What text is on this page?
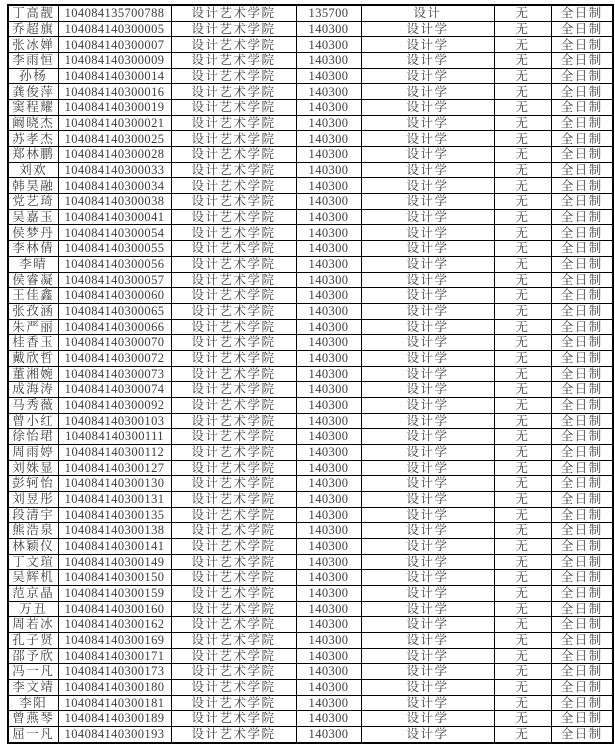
丁高靓	104084135700788	设计艺术学院	135700	设计	无	全日制
乔超旗	104084140300005	设计艺术学院	140300	设计学	无	全日制
张冰婵	104084140300007	设计艺术学院	140300	设计学	无	全日制
李雨恒	104084140300009	设计艺术学院	140300	设计学	无	全日制
孙杨	104084140300014	设计艺术学院	140300	设计学	无	全日制
龚俊萍	104084140300016	设计艺术学院	140300	设计学	无	全日制
窦程耀	104084140300019	设计艺术学院	140300	设计学	无	全日制
阚晓杰	104084140300021	设计艺术学院	140300	设计学	无	全日制
苏孝杰	104084140300025	设计艺术学院	140300	设计学	无	全日制
郑林鹏	104084140300028	设计艺术学院	140300	设计学	无	全日制
刘欢	104084140300033	设计艺术学院	140300	设计学	无	全日制
韩昊融	104084140300034	设计艺术学院	140300	设计学	无	全日制
党艺琦	104084140300038	设计艺术学院	140300	设计学	无	全日制
吴嘉玉	104084140300041	设计艺术学院	140300	设计学	无	全日制
侯梦丹	104084140300054	设计艺术学院	140300	设计学	无	全日制
李林倩	104084140300055	设计艺术学院	140300	设计学	无	全日制
李晴	104084140300056	设计艺术学院	140300	设计学	无	全日制
侯睿凝	104084140300057	设计艺术学院	140300	设计学	无	全日制
王佳鑫	104084140300060	设计艺术学院	140300	设计学	无	全日制
张孜涵	104084140300065	设计艺术学院	140300	设计学	无	全日制
朱严丽	104084140300066	设计艺术学院	140300	设计学	无	全日制
桂香玉	104084140300070	设计艺术学院	140300	设计学	无	全日制
戴欣哲	104084140300072	设计艺术学院	140300	设计学	无	全日制
董湘婉	104084140300073	设计艺术学院	140300	设计学	无	全日制
成海涛	104084140300074	设计艺术学院	140300	设计学	无	全日制
马秀薇	104084140300092	设计艺术学院	140300	设计学	无	全日制
曾小红	104084140300103	设计艺术学院	140300	设计学	无	全日制
徐怡珺	104084140300111	设计艺术学院	140300	设计学	无	全日制
周雨婷	104084140300112	设计艺术学院	140300	设计学	无	全日制
刘姝显	104084140300127	设计艺术学院	140300	设计学	无	全日制
彭轲怡	104084140300130	设计艺术学院	140300	设计学	无	全日制
刘昱彤	104084140300131	设计艺术学院	140300	设计学	无	全日制
段清宇	104084140300135	设计艺术学院	140300	设计学	无	全日制
熊浩泉	104084140300138	设计艺术学院	140300	设计学	无	全日制
林颖仪	104084140300141	设计艺术学院	140300	设计学	无	全日制
丁文瑄	104084140300149	设计艺术学院	140300	设计学	无	全日制
吴辉机	104084140300150	设计艺术学院	140300	设计学	无	全日制
范京晶	104084140300159	设计艺术学院	140300	设计学	无	全日制
万丑	104084140300160	设计艺术学院	140300	设计学	无	全日制
周若冰	104084140300162	设计艺术学院	140300	设计学	无	全日制
孔子贤	104084140300169	设计艺术学院	140300	设计学	无	全日制
邵予欣	104084140300171	设计艺术学院	140300	设计学	无	全日制
冯一凡	104084140300173	设计艺术学院	140300	设计学	无	全日制
李文靖	104084140300180	设计艺术学院	140300	设计学	无	全日制
李阳	104084140300181	设计艺术学院	140300	设计学	无	全日制
曾燕琴	104084140300189	设计艺术学院	140300	设计学	无	全日制
屈一凡	104084140300193	设计艺术学院	140300	设计学	无	全日制
